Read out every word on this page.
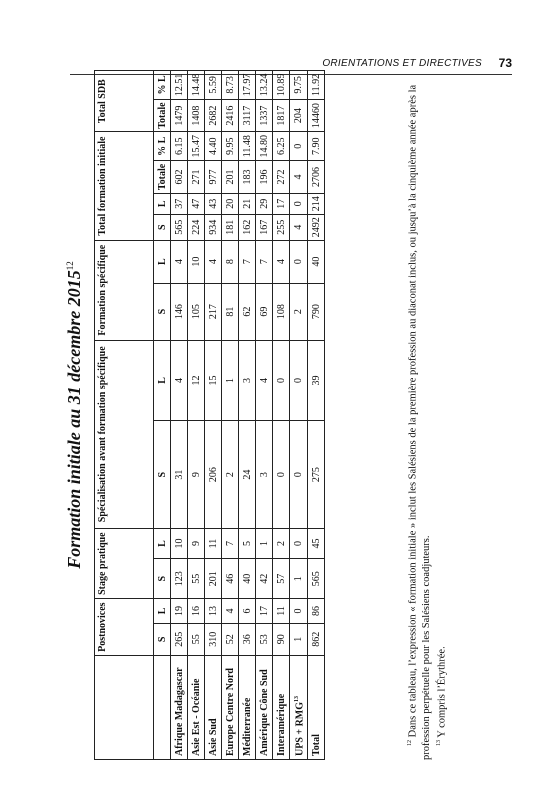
ORIENTATIONS ET DIRECTIVES 73
Formation initiale au 31 décembre 2015$^{12}$
	Postnovices		Stage pratique		Spécialisation avant formation spécifique		Formation spécifique		Total formation initiale				Total SDB	
	S	L	S	L	S	L	S	L	S	L	Totale	% L	Totale	% L
Afrique Madagascar	265	19	123	10	31	4	146	4	565	37	602	6.15	1479	12.51
Asie Est - Océanie	55	16	55	9	9	12	105	10	224	47	271	15.47	1408	14.48
Asie Sud	310	13	201	11	206	15	217	4	934	43	977	4.40	2682	5.59
Europe Centre Nord	52	4	46	7	2	1	81	8	181	20	201	9.95	2416	8.73
Méditerranée	36	6	40	5	24	3	62	7	162	21	183	11.48	3117	17.97
Amérique Cône Sud	53	17	42	1	3	4	69	7	167	29	196	14.80	1337	13.24
Interamérique	90	11	57	2	0	0	108	4	255	17	272	6.25	1817	10.89
UPS + $RMG^{13}$	1	0	1	0	0	0	2	0	4	0	4	0	204	9.75
Total	862	86	565	45	275	39	790	40	2492	214	2706	7.90	14460	11.92

$^{12}$ Dans ce tableau, l’expression « formation initiale » inclut les Salésiens de la première profession au diaconat inclus, ou jusqu’à la cinquième année après la profession perpétuelle pour les Salésiens coadjuteurs. $^{13}$ Y compris l’Érythrée.
